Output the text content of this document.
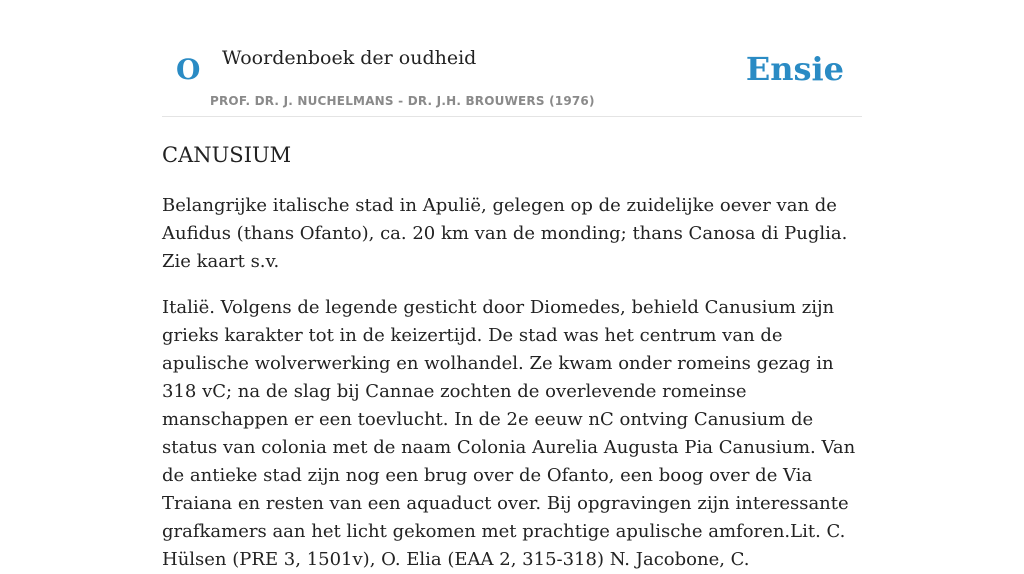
O Woordenboek der oudheid
PROF. DR. J. NUCHELMANS - DR. J.H. BROUWERS (1976)
Ensie
CANUSIUM

Belangrijke italische stad in Apulië, gelegen op de zuidelijke oever van de Aufidus (thans Ofanto), ca. 20 km van de monding; thans Canosa di Puglia. Zie kaart s.v.

Italië. Volgens de legende gesticht door Diomedes, behield Canusium zijn grieks karakter tot in de keizertijd. De stad was het centrum van de apulische wolverwerking en wolhandel. Ze kwam onder romeins gezag in 318 vC; na de slag bij Cannae zochten de overlevende romeinse manschappen er een toevlucht. In de 2e eeuw nC ontving Canusium de status van colonia met de naam Colonia Aurelia Augusta Pia Canusium. Van de antieke stad zijn nog een brug over de Ofanto, een boog over de Via Traiana en resten van een aquaduct over. Bij opgravingen zijn interessante grafkamers aan het licht gekomen met prachtige apulische amforen.Lit. C. Hülsen (PRE 3, 1501v), O. Elia (EAA 2, 315-318) N. Jacobone, C.
